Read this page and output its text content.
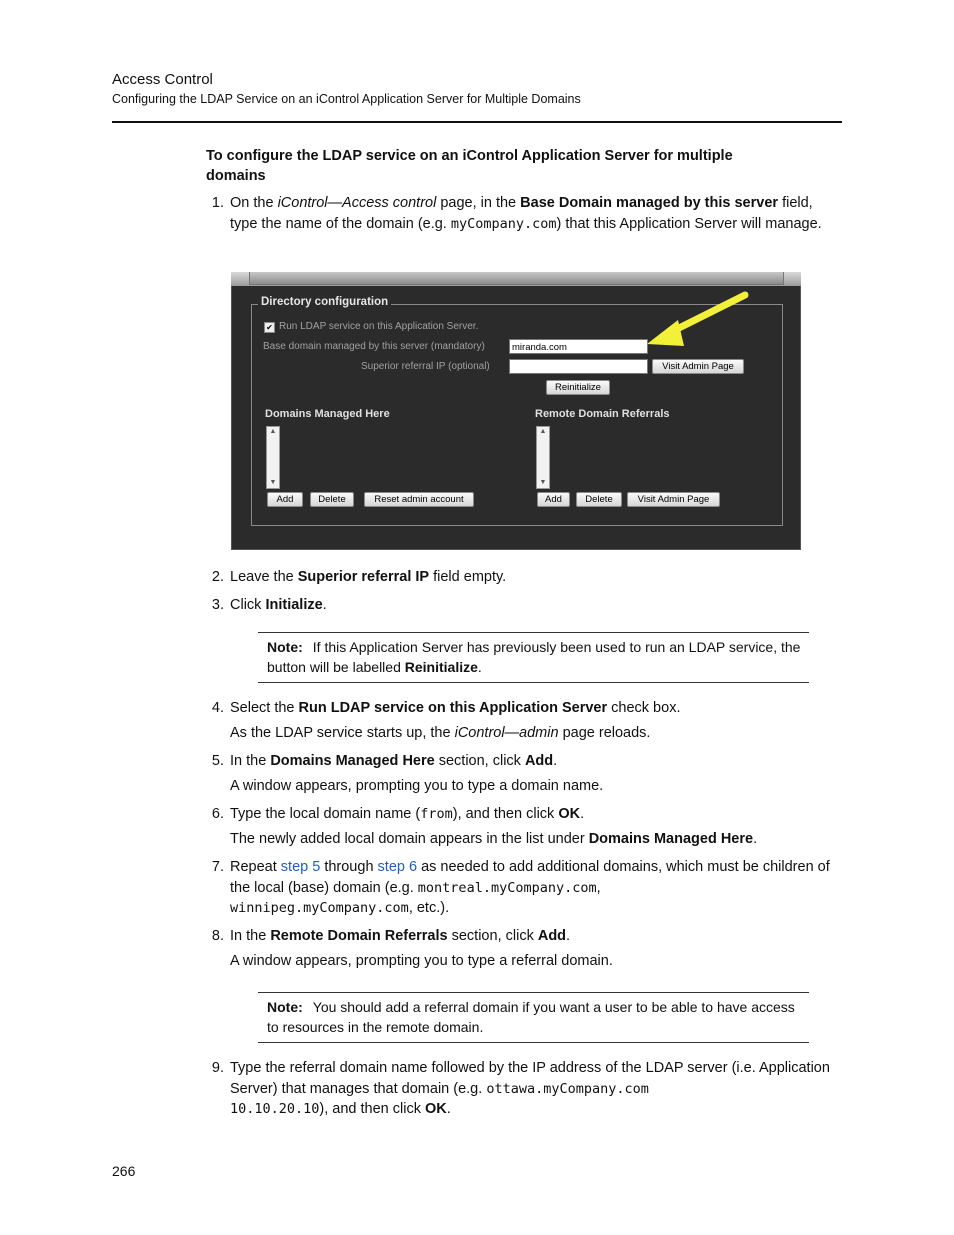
Access Control
Configuring the LDAP Service on an iControl Application Server for Multiple Domains
To configure the LDAP service on an iControl Application Server for multiple domains
1. On the iControl—Access control page, in the Base Domain managed by this server field, type the name of the domain (e.g. myCompany.com) that this Application Server will manage.
Directory configuration
✔ Run LDAP service on this Application Server.
Base domain managed by this server (mandatory)	miranda.com
Superior referral IP (optional)	Visit Admin Page
Reinitialize
Domains Managed Here
▲
▼
Add	Delete	Reset admin account
Remote Domain Referrals
▲
▼
Add	Delete	Visit Admin Page
2. Leave the Superior referral IP field empty.
3. Click Initialize.
Note: If this Application Server has previously been used to run an LDAP service, the button will be labelled Reinitialize.
4. Select the Run LDAP service on this Application Server check box.
As the LDAP service starts up, the iControl—admin page reloads.
5. In the Domains Managed Here section, click Add.
A window appears, prompting you to type a domain name.
6. Type the local domain name (from), and then click OK.
The newly added local domain appears in the list under Domains Managed Here.
7. Repeat step 5 through step 6 as needed to add additional domains, which must be children of the local (base) domain (e.g. montreal.myCompany.com,
winnipeg.myCompany.com, etc.).
8. In the Remote Domain Referrals section, click Add.
A window appears, prompting you to type a referral domain.
Note: You should add a referral domain if you want a user to be able to have access to resources in the remote domain.
9. Type the referral domain name followed by the IP address of the LDAP server (i.e. Application Server) that manages that domain (e.g. ottawa.myCompany.com
10.10.20.10), and then click OK.
266
